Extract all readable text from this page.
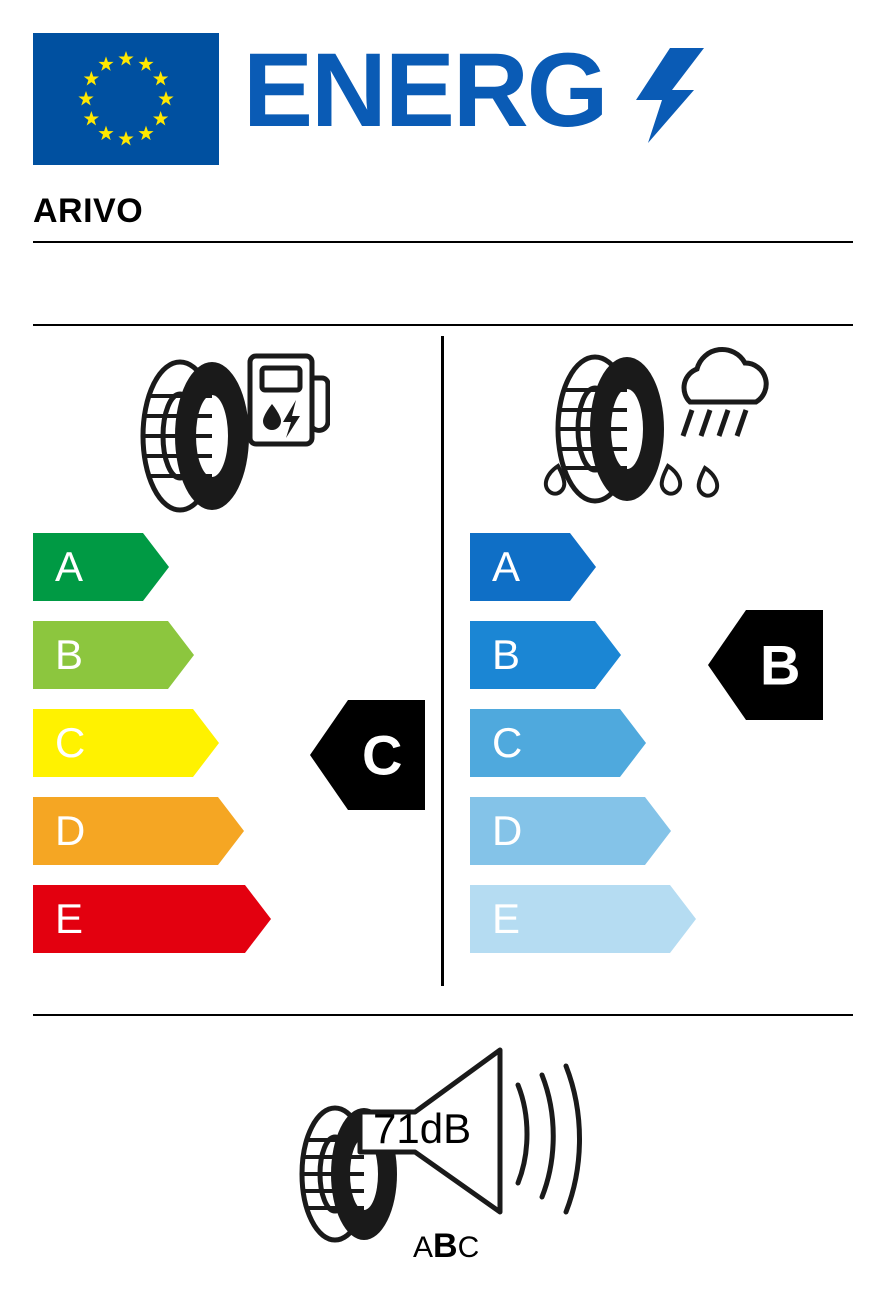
ENERG
ARIVO
A
B
C
D
E
C
A
B
C
D
E
B
71dB
ABC
